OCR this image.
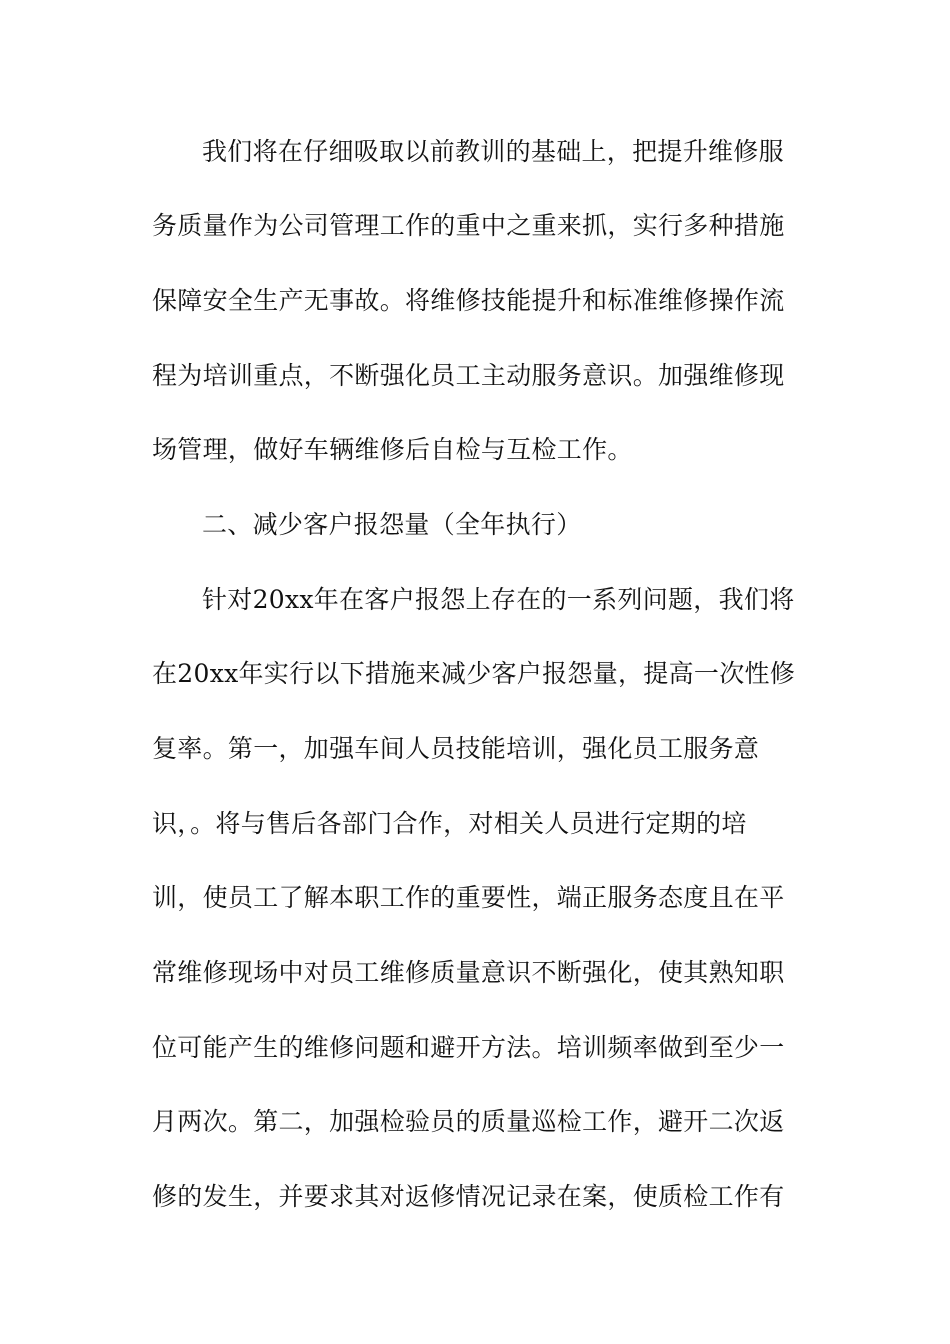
我们将在仔细吸取以前教训的基础上，把提升维修服
务质量作为公司管理工作的重中之重来抓，实行多种措施
保障安全生产无事故。将维修技能提升和标准维修操作流
程为培训重点，不断强化员工主动服务意识。加强维修现
场管理，做好车辆维修后自检与互检工作。
二、减少客户报怨量（全年执行）
针对20xx年在客户报怨上存在的一系列问题，我们将
在20xx年实行以下措施来减少客户报怨量，提高一次性修
复率。第一，加强车间人员技能培训，强化员工服务意
识，。将与售后各部门合作，对相关人员进行定期的培
训，使员工了解本职工作的重要性，端正服务态度且在平
常维修现场中对员工维修质量意识不断强化，使其熟知职
位可能产生的维修问题和避开方法。培训频率做到至少一
月两次。第二，加强检验员的质量巡检工作，避开二次返
修的发生，并要求其对返修情况记录在案，使质检工作有
